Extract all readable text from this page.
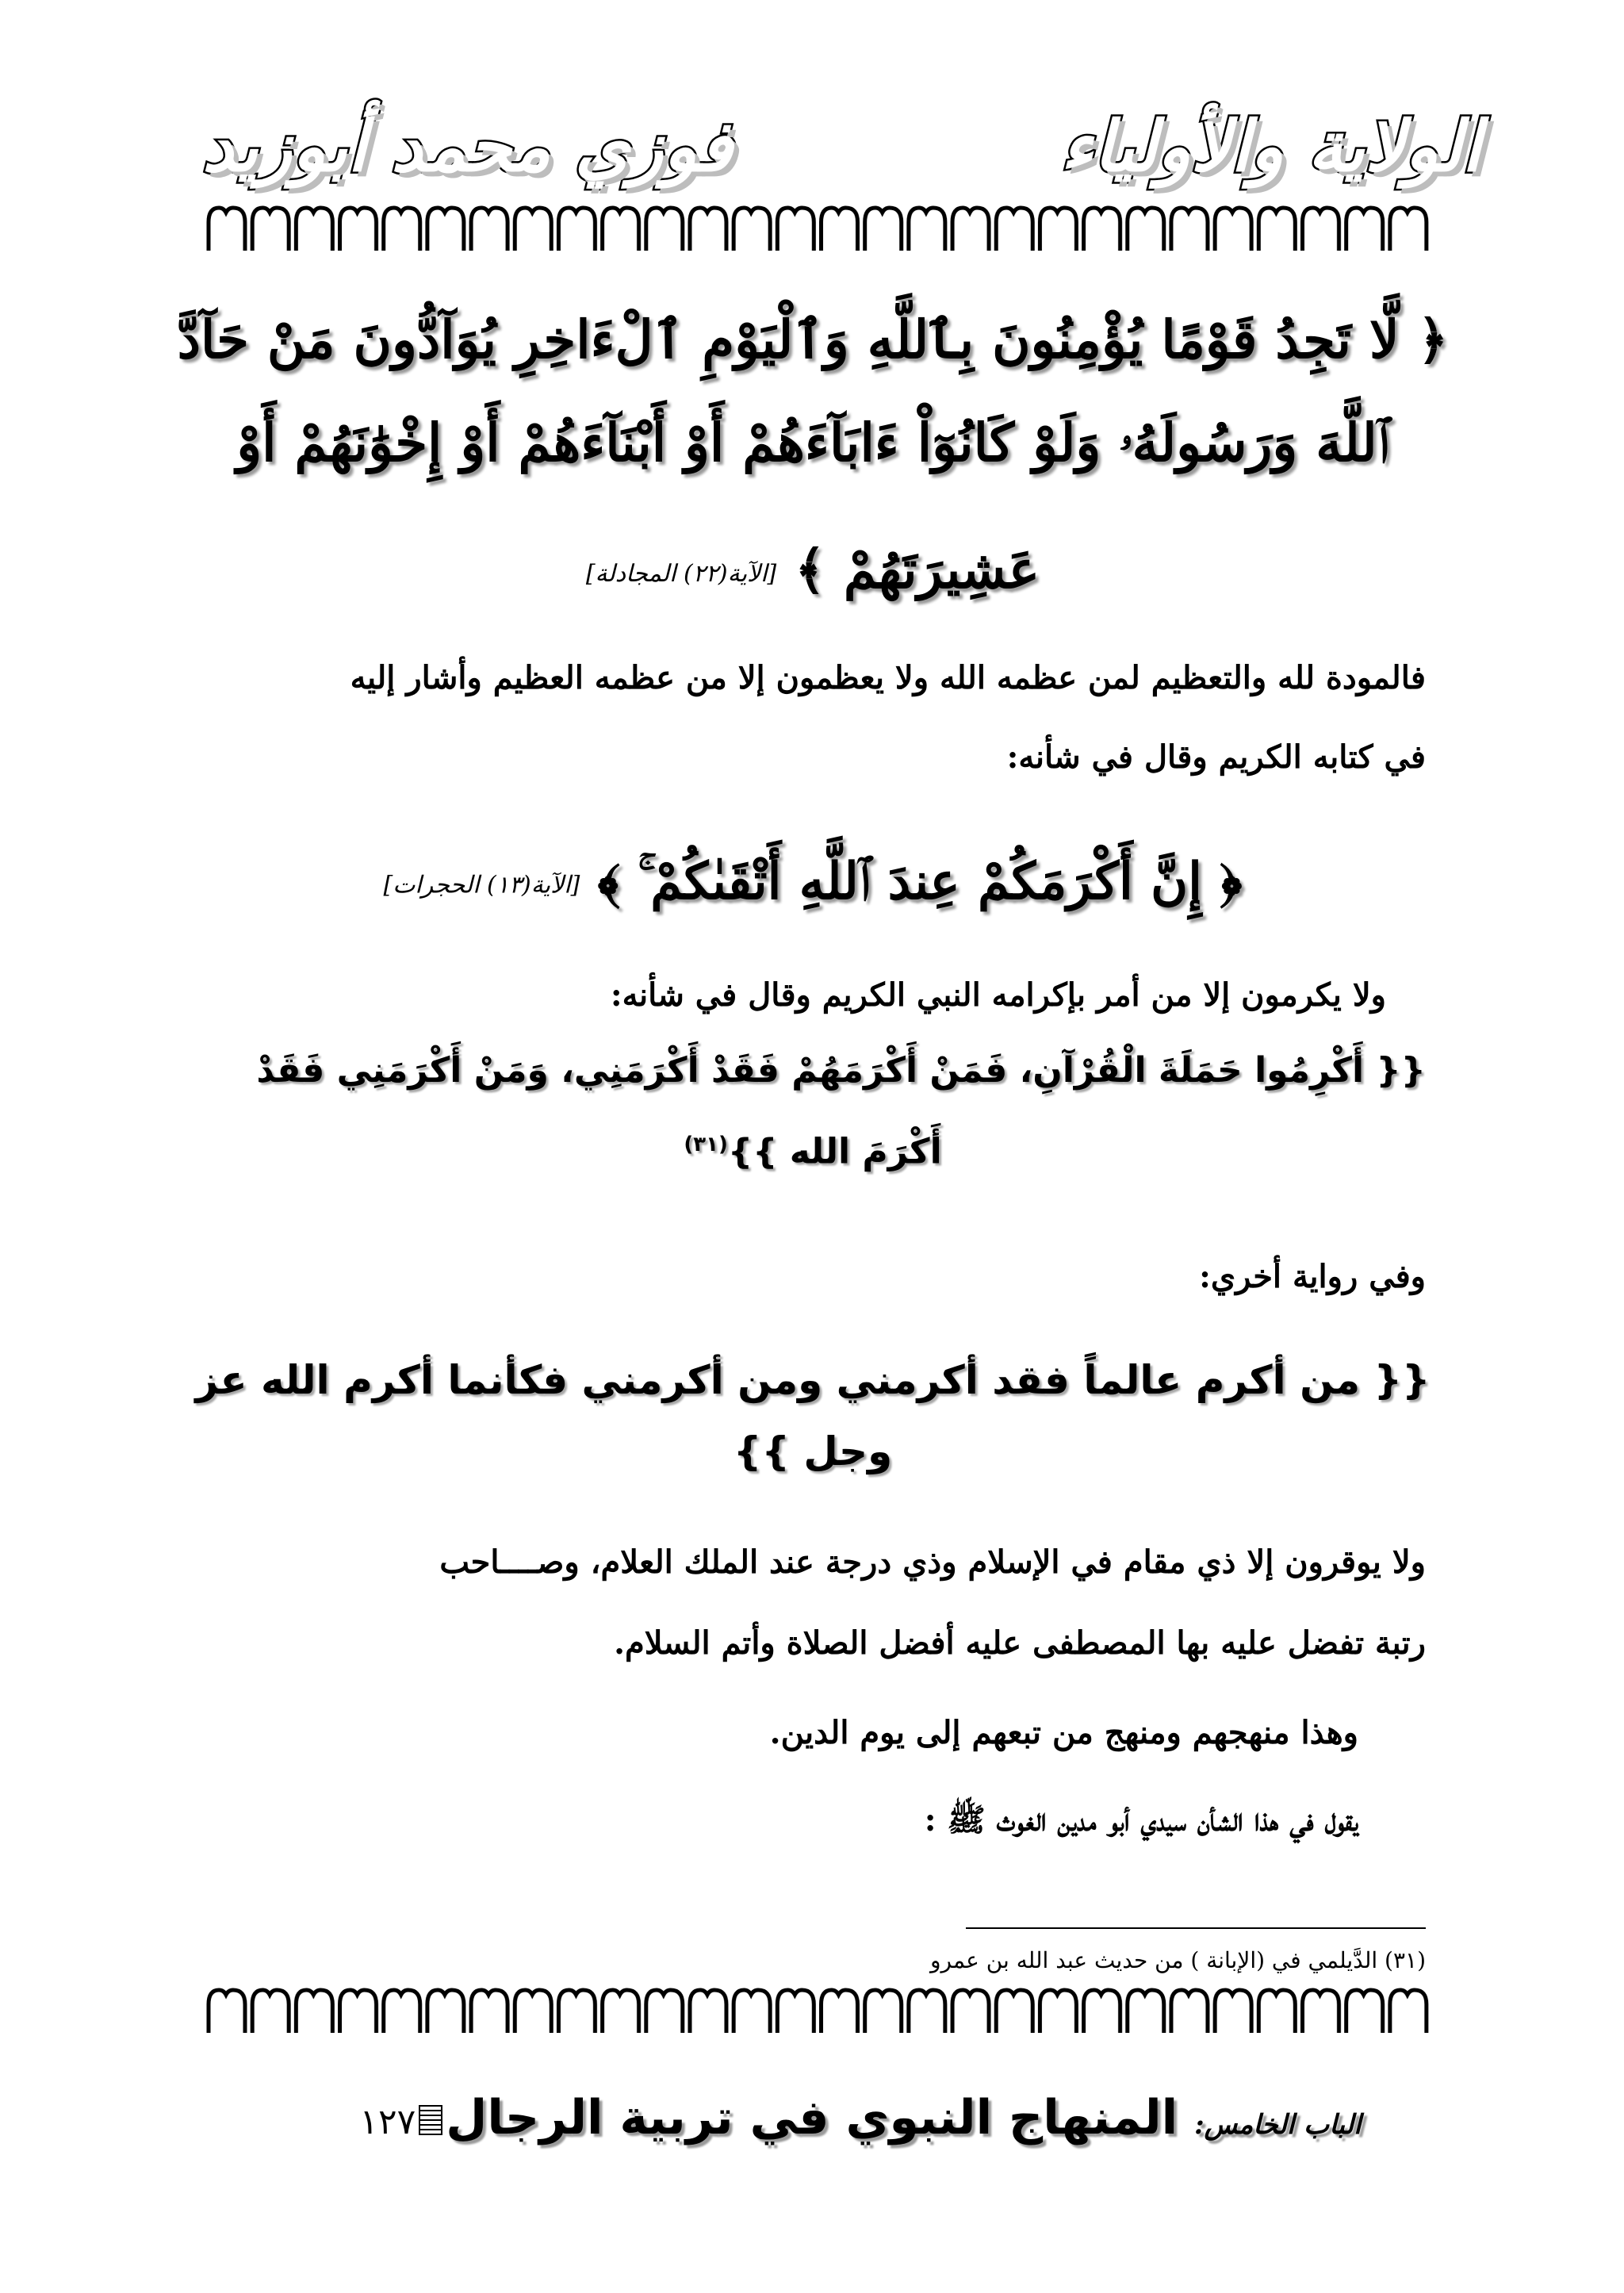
الولاية والأولياء
فوزي محمد أبوزيد
﴿ لَّا تَجِدُ قَوْمًا يُؤْمِنُونَ بِٱللَّهِ وَٱلْيَوْمِ ٱلْءَاخِرِ يُوَآدُّونَ مَنْ حَآدَّ
ٱللَّهَ وَرَسُولَهُۥ وَلَوْ كَانُوٓاْ ءَابَآءَهُمْ أَوْ أَبْنَآءَهُمْ أَوْ إِخْوَٰنَهُمْ أَوْ
عَشِيرَتَهُمْ ﴾ [الآية(٢٢) المجادلة]
فالمودة لله والتعظيم لمن عظمه الله ولا يعظمون إلا من عظمه العظيم وأشار إليه
في كتابه الكريم وقال في شأنه:
﴿ إِنَّ أَكْرَمَكُمْ عِندَ ٱللَّهِ أَتْقَىٰكُمْ ۚ ﴾ [الآية(١٣) الحجرات]
ولا يكرمون إلا من أمر بإكرامه النبي الكريم وقال في شأنه:
{{ أَكْرِمُوا حَمَلَةَ الْقُرْآنِ، فَمَنْ أَكْرَمَهُمْ فَقَدْ أَكْرَمَنِي، وَمَنْ أَكْرَمَنِي فَقَدْ
أَكْرَمَ الله }}$^{(٣١)}$
وفي رواية أخري:
{{ من أكرم عالماً فقد أكرمني ومن أكرمني فكأنما أكرم الله عز
وجل }}
ولا يوقرون إلا ذي مقام في الإسلام وذي درجة عند الملك العلام، وصــــاحب
رتبة تفضل عليه بها المصطفى عليه أفضل الصلاة وأتم السلام.
وهذا منهجهم ومنهج من تبعهم إلى يوم الدين.
يقول في هذا الشأن سيدي أبو مدين الغوث ﷺ :
(٣١) الدَّيلمي في (الإبانة ) من حديث عبد الله بن عمرو
الباب الخامس: المنهاج النبوي في تربية الرجال١٢٧
